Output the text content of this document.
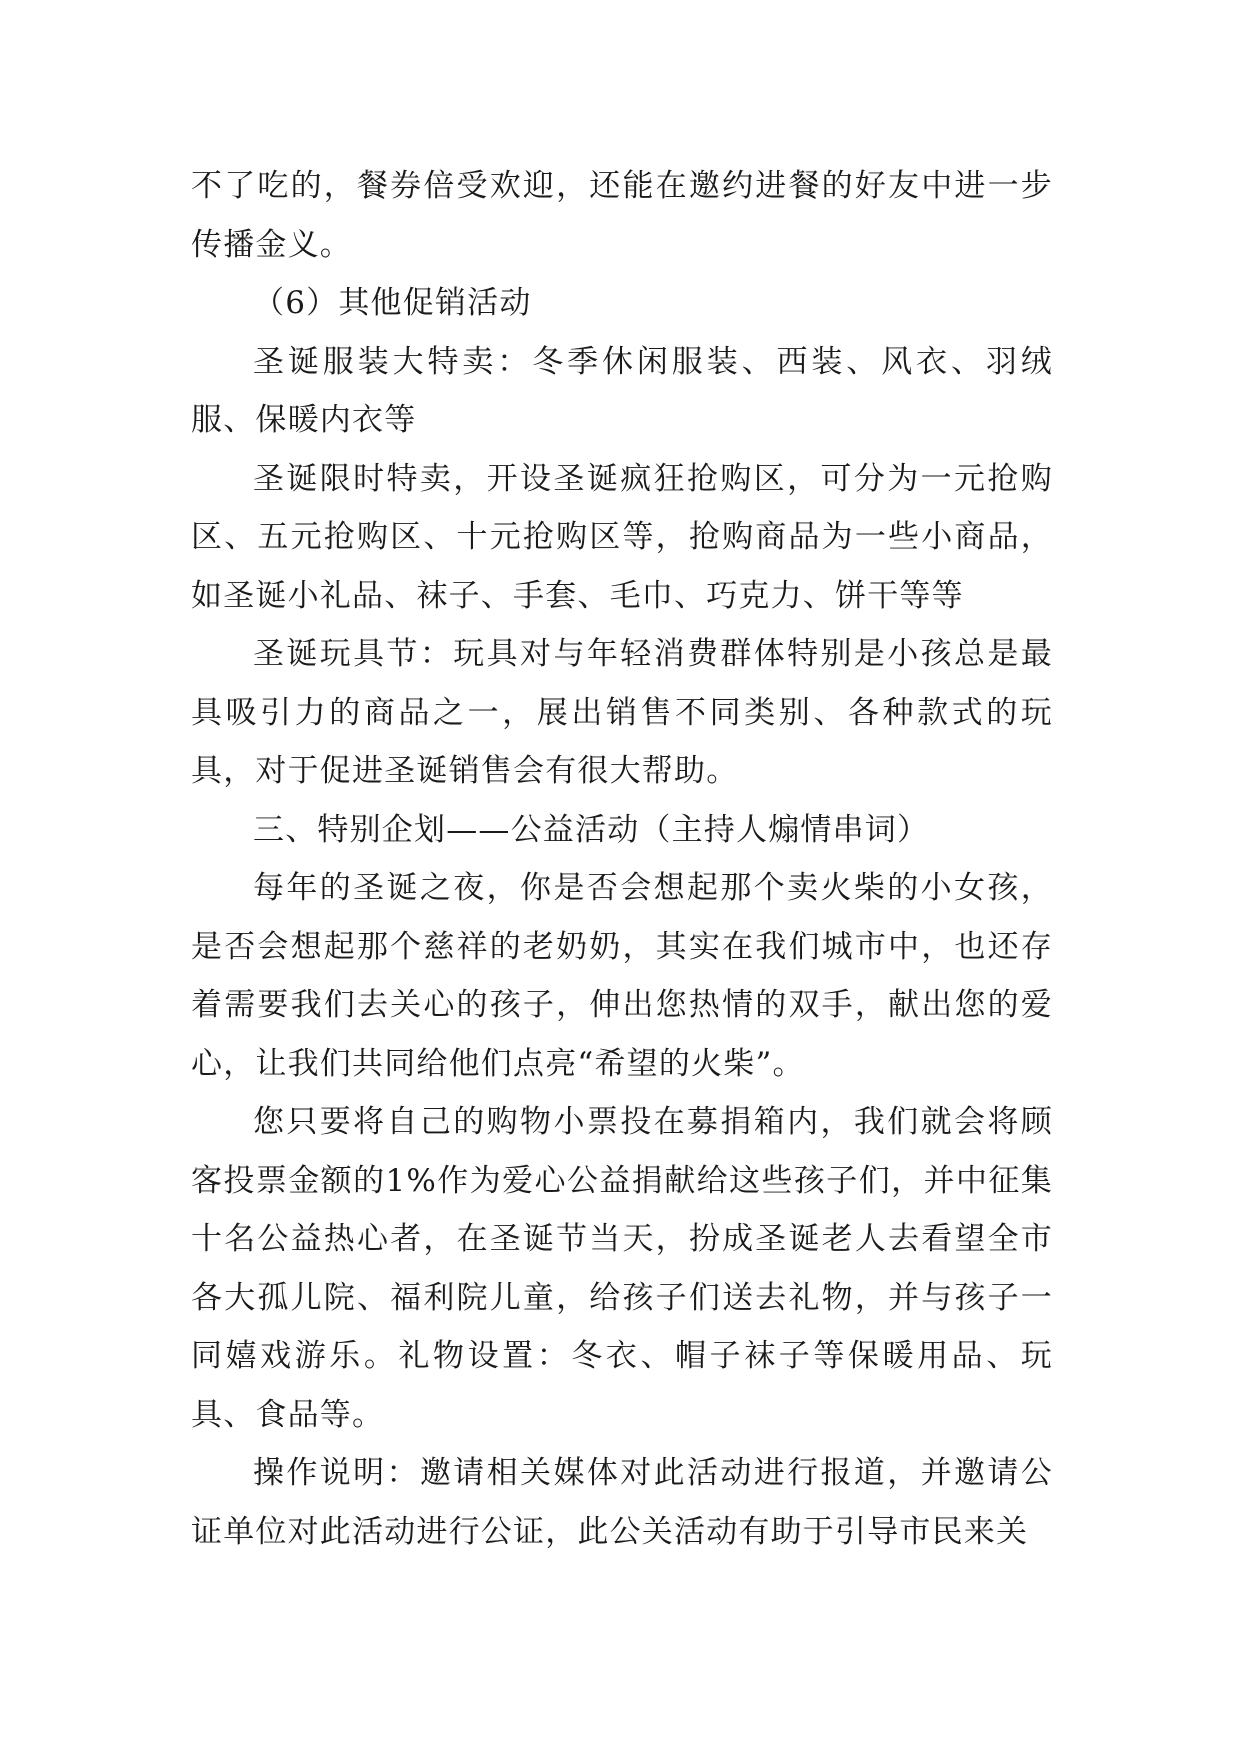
不了吃的，餐券倍受欢迎，还能在邀约进餐的好友中进一步传播金义。

（6）其他促销活动

圣诞服装大特卖：冬季休闲服装、西装、风衣、羽绒服、保暖内衣等

圣诞限时特卖，开设圣诞疯狂抢购区，可分为一元抢购区、五元抢购区、十元抢购区等，抢购商品为一些小商品，如圣诞小礼品、袜子、手套、毛巾、巧克力、饼干等等

圣诞玩具节：玩具对与年轻消费群体特别是小孩总是最具吸引力的商品之一，展出销售不同类别、各种款式的玩具，对于促进圣诞销售会有很大帮助。

三、特别企划——公益活动（主持人煽情串词）

每年的圣诞之夜，你是否会想起那个卖火柴的小女孩，是否会想起那个慈祥的老奶奶，其实在我们城市中，也还存着需要我们去关心的孩子，伸出您热情的双手，献出您的爱心，让我们共同给他们点亮“希望的火柴”。

您只要将自己的购物小票投在募捐箱内，我们就会将顾客投票金额的1%作为爱心公益捐献给这些孩子们，并中征集十名公益热心者，在圣诞节当天，扮成圣诞老人去看望全市各大孤儿院、福利院儿童，给孩子们送去礼物，并与孩子一同嬉戏游乐。礼物设置：冬衣、帽子袜子等保暖用品、玩具、食品等。

操作说明：邀请相关媒体对此活动进行报道，并邀请公证单位对此活动进行公证，此公关活动有助于引导市民来关
